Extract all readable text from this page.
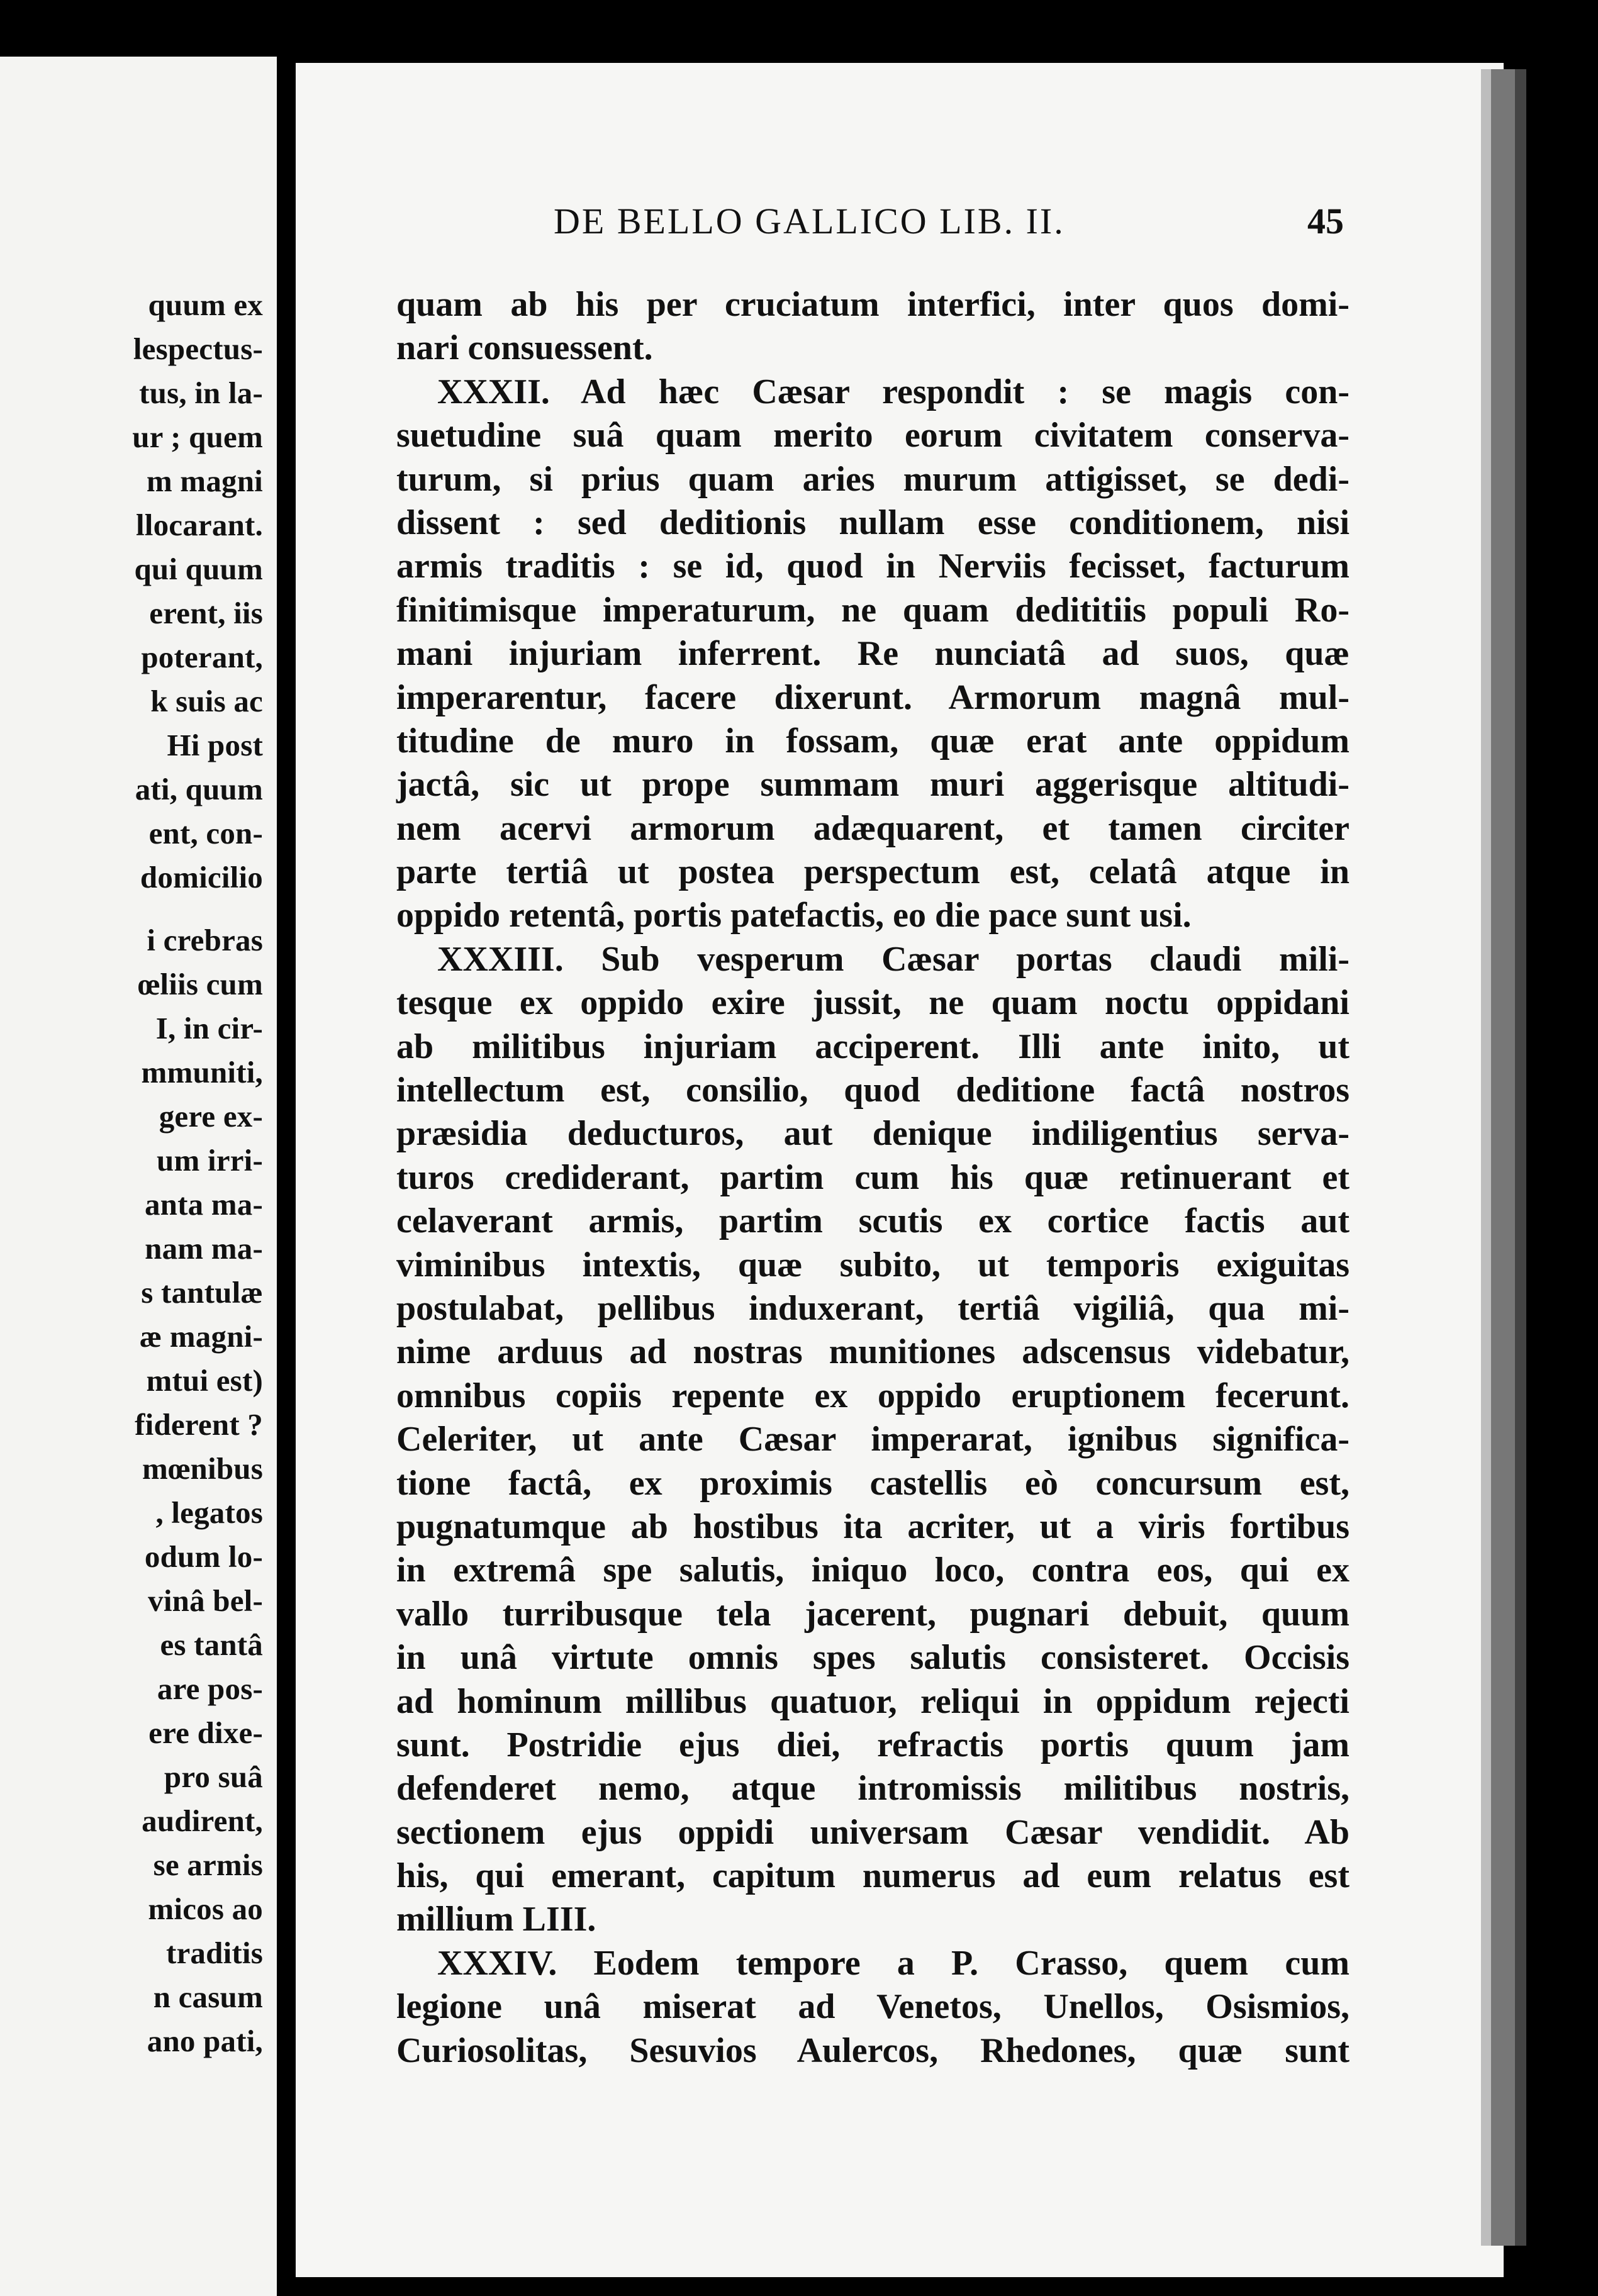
quum ex
lespectus-
tus, in la-
ur ; quem
m magni
llocarant.
qui quum
erent, iis
poterant,
k suis ac
Hi post
ati, quum
ent, con-
domicilio
i crebras
œliis cum
I, in cir-
mmuniti,
gere ex-
um irri-
anta ma-
nam ma-
s tantulæ
æ magni-
mtui est)
fiderent ?
mœnibus
, legatos
odum lo-
vinâ bel-
es tantâ
are pos-
ere dixe-
pro suâ
audirent,
se armis
micos ao
traditis
n casum
ano pati,
DE BELLO GALLICO LIB. II.	45
quam ab his per cruciatum interfici, inter quos domi-
nari consuessent.
XXXII. Ad hæc Cæsar respondit : se magis con-
suetudine suâ quam merito eorum civitatem conserva-
turum, si prius quam aries murum attigisset, se dedi-
dissent : sed deditionis nullam esse conditionem, nisi
armis traditis : se id, quod in Nerviis fecisset, facturum
finitimisque imperaturum, ne quam dedititiis populi Ro-
mani injuriam inferrent. Re nunciatâ ad suos, quæ
imperarentur, facere dixerunt. Armorum magnâ mul-
titudine de muro in fossam, quæ erat ante oppidum
jactâ, sic ut prope summam muri aggerisque altitudi-
nem acervi armorum adæquarent, et tamen circiter
parte tertiâ ut postea perspectum est, celatâ atque in
oppido retentâ, portis patefactis, eo die pace sunt usi.
XXXIII. Sub vesperum Cæsar portas claudi mili-
tesque ex oppido exire jussit, ne quam noctu oppidani
ab militibus injuriam acciperent. Illi ante inito, ut
intellectum est, consilio, quod deditione factâ nostros
præsidia deducturos, aut denique indiligentius serva-
turos crediderant, partim cum his quæ retinuerant et
celaverant armis, partim scutis ex cortice factis aut
viminibus intextis, quæ subito, ut temporis exiguitas
postulabat, pellibus induxerant, tertiâ vigiliâ, qua mi-
nime arduus ad nostras munitiones adscensus videbatur,
omnibus copiis repente ex oppido eruptionem fecerunt.
Celeriter, ut ante Cæsar imperarat, ignibus significa-
tione factâ, ex proximis castellis eò concursum est,
pugnatumque ab hostibus ita acriter, ut a viris fortibus
in extremâ spe salutis, iniquo loco, contra eos, qui ex
vallo turribusque tela jacerent, pugnari debuit, quum
in unâ virtute omnis spes salutis consisteret. Occisis
ad hominum millibus quatuor, reliqui in oppidum rejecti
sunt. Postridie ejus diei, refractis portis quum jam
defenderet nemo, atque intromissis militibus nostris,
sectionem ejus oppidi universam Cæsar vendidit. Ab
his, qui emerant, capitum numerus ad eum relatus est
millium LIII.
XXXIV. Eodem tempore a P. Crasso, quem cum
legione unâ miserat ad Venetos, Unellos, Osismios,
Curiosolitas, Sesuvios Aulercos, Rhedones, quæ sunt
